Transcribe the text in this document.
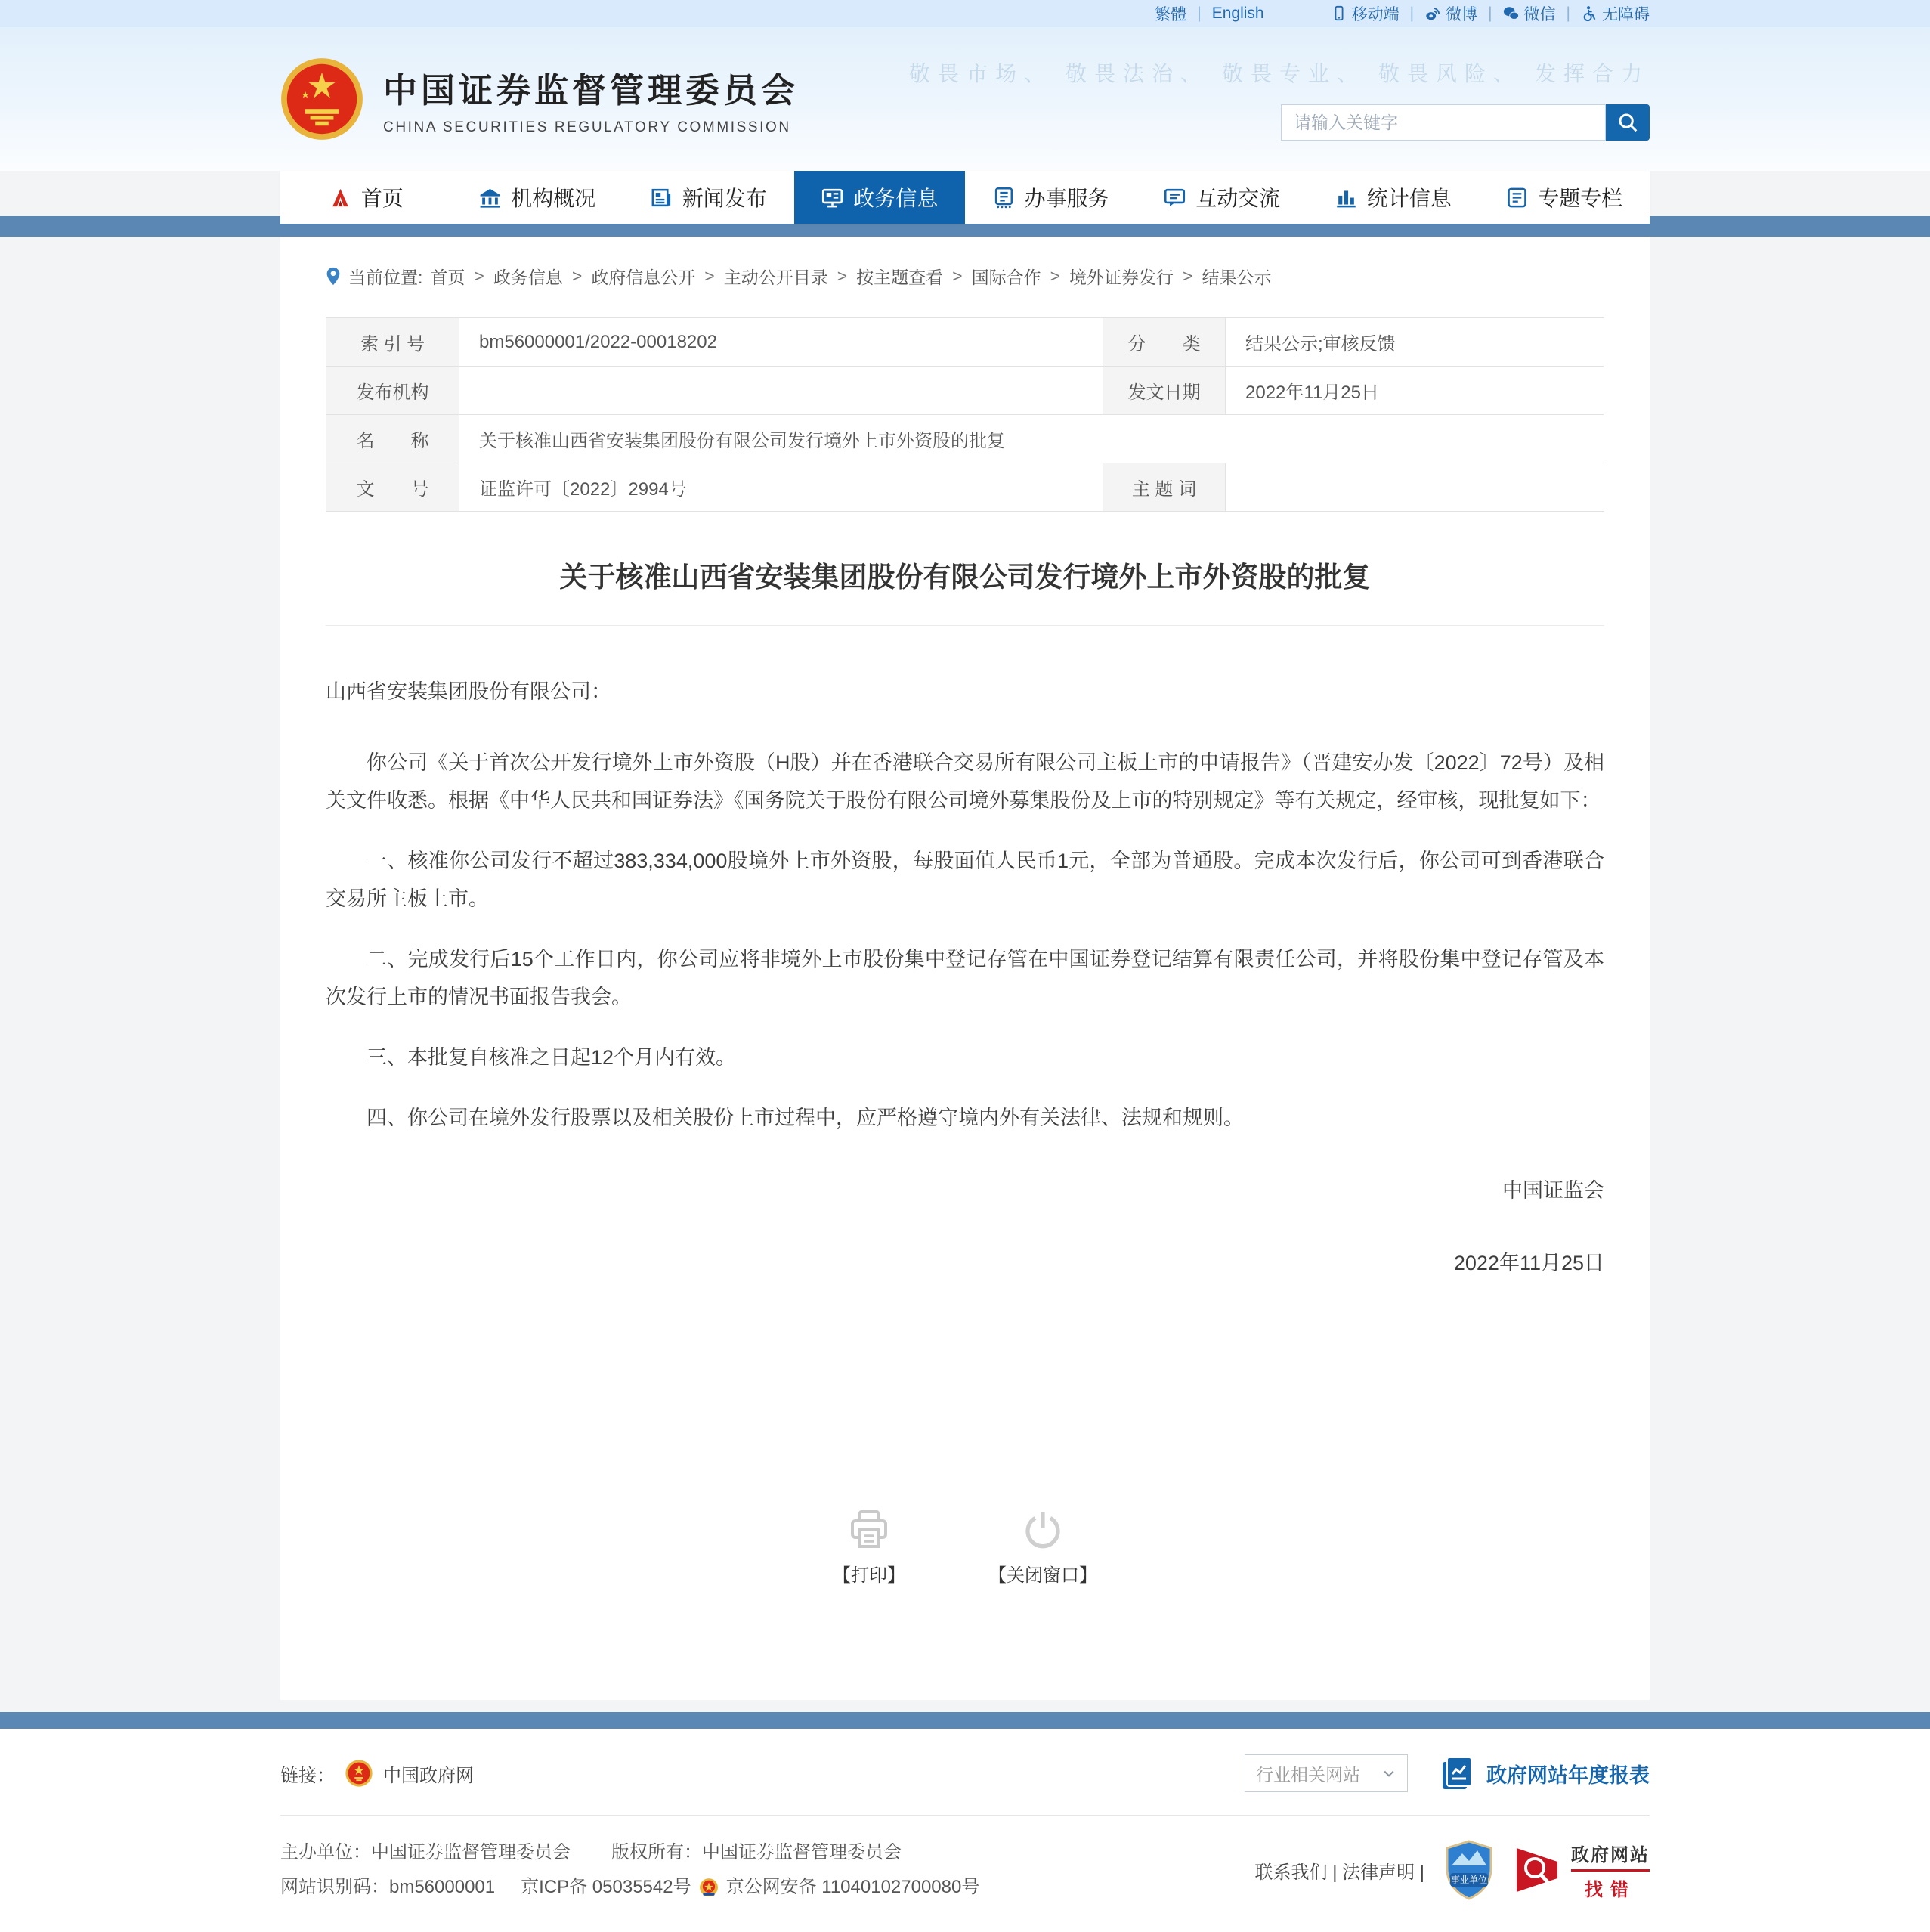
繁體 | English	移动端 | 微博 | 微信 | 无障碍
中国证券监督管理委员会
CHINA SECURITIES REGULATORY COMMISSION
敬畏市场、 敬畏法治、 敬畏专业、 敬畏风险、 发挥合力
请输入关键字
首页	机构概况	新闻发布	政务信息	办事服务	互动交流	统计信息	专题专栏
当前位置: 首页 > 政务信息 > 政府信息公开 > 主动公开目录 > 按主题查看 > 国际合作 > 境外证券发行 > 结果公示
索 引 号	bm56000001/2022-00018202	分　　类	结果公示;审核反馈
发布机构		发文日期	2022年11月25日
名　　称	关于核准山西省安装集团股份有限公司发行境外上市外资股的批复		
文　　号	证监许可〔2022〕2994号	主 题 词	
关于核准山西省安装集团股份有限公司发行境外上市外资股的批复

山西省安装集团股份有限公司：

你公司《关于首次公开发行境外上市外资股（H股）并在香港联合交易所有限公司主板上市的申请报告》（晋建安办发〔2022〕72号）及相关文件收悉。根据《中华人民共和国证券法》《国务院关于股份有限公司境外募集股份及上市的特别规定》等有关规定，经审核，现批复如下：

一、核准你公司发行不超过383,334,000股境外上市外资股，每股面值人民币1元，全部为普通股。完成本次发行后，你公司可到香港联合交易所主板上市。

二、完成发行后15个工作日内，你公司应将非境外上市股份集中登记存管在中国证券登记结算有限责任公司，并将股份集中登记存管及本次发行上市的情况书面报告我会。

三、本批复自核准之日起12个月内有效。

四、你公司在境外发行股票以及相关股份上市过程中，应严格遵守境内外有关法律、法规和规则。

中国证监会

2022年11月25日

【打印】	【关闭窗口】
链接：	中国政府网	行业相关网站	政府网站年度报表
主办单位：中国证券监督管理委员会 版权所有：中国证券监督管理委员会
网站识别码：bm56000001 京ICP备 05035542号 京公网安备 11040102700080号
联系我们 | 法律声明 |	事业单位
政府网站
找错
